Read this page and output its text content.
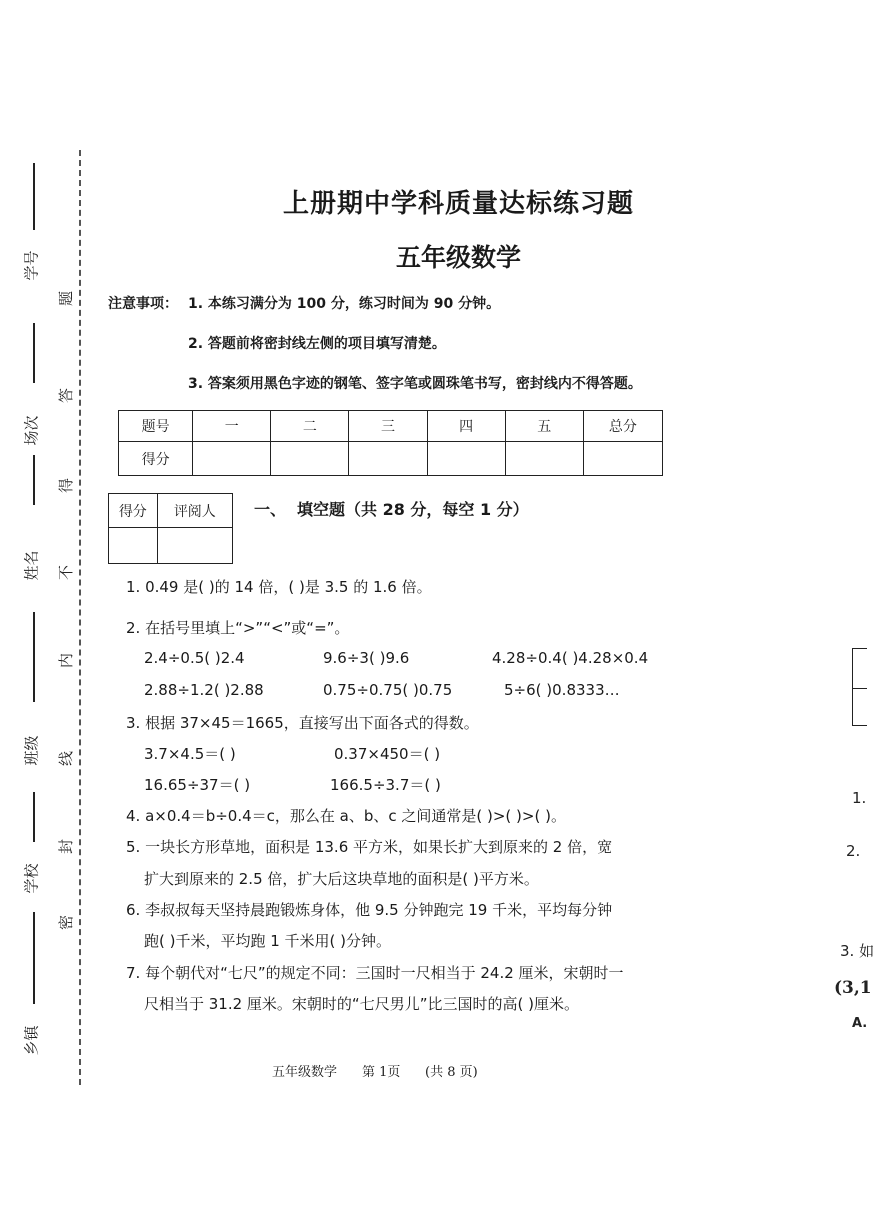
学号
场次
姓名
班级
学校
乡镇
题
答
得
不
内
线
封
密
上册期中学科质量达标练习题
五年级数学
注意事项： 1. 本练习满分为 100 分，练习时间为 90 分钟。
2. 答题前将密封线左侧的项目填写清楚。
3. 答案须用黑色字迹的钢笔、签字笔或圆珠笔书写，密封线内不得答题。
题号	一	二	三	四	五	总分
得分						
得分	评阅人
	一、 填空题（共 28 分，每空 1 分）
1. 0.49 是( )的 14 倍，( )是 3.5 的 1.6 倍。
2. 在括号里填上“>”“<”或“=”。
2.4÷0.5( )2.4	9.6÷3( )9.6	4.28÷0.4( )4.28×0.4
2.88÷1.2( )2.88	0.75÷0.75( )0.75	5÷6( )0.8333…
3. 根据 37×45＝1665，直接写出下面各式的得数。
3.7×4.5＝( )	0.37×450＝( )
16.65÷37＝( )	166.5÷3.7＝( )
4. a×0.4＝b÷0.4＝c，那么在 a、b、c 之间通常是( )>( )>( )。
5. 一块长方形草地，面积是 13.6 平方米，如果长扩大到原来的 2 倍，宽
扩大到原来的 2.5 倍，扩大后这块草地的面积是( )平方米。
6. 李叔叔每天坚持晨跑锻炼身体，他 9.5 分钟跑完 19 千米，平均每分钟
跑( )千米，平均跑 1 千米用( )分钟。
7. 每个朝代对“七尺”的规定不同：三国时一尺相当于 24.2 厘米，宋朝时一
尺相当于 31.2 厘米。宋朝时的“七尺男儿”比三国时的高( )厘米。
五年级数学 第 1页 (共 8 页)
1.
2.
3. 如
(3,1
A.
